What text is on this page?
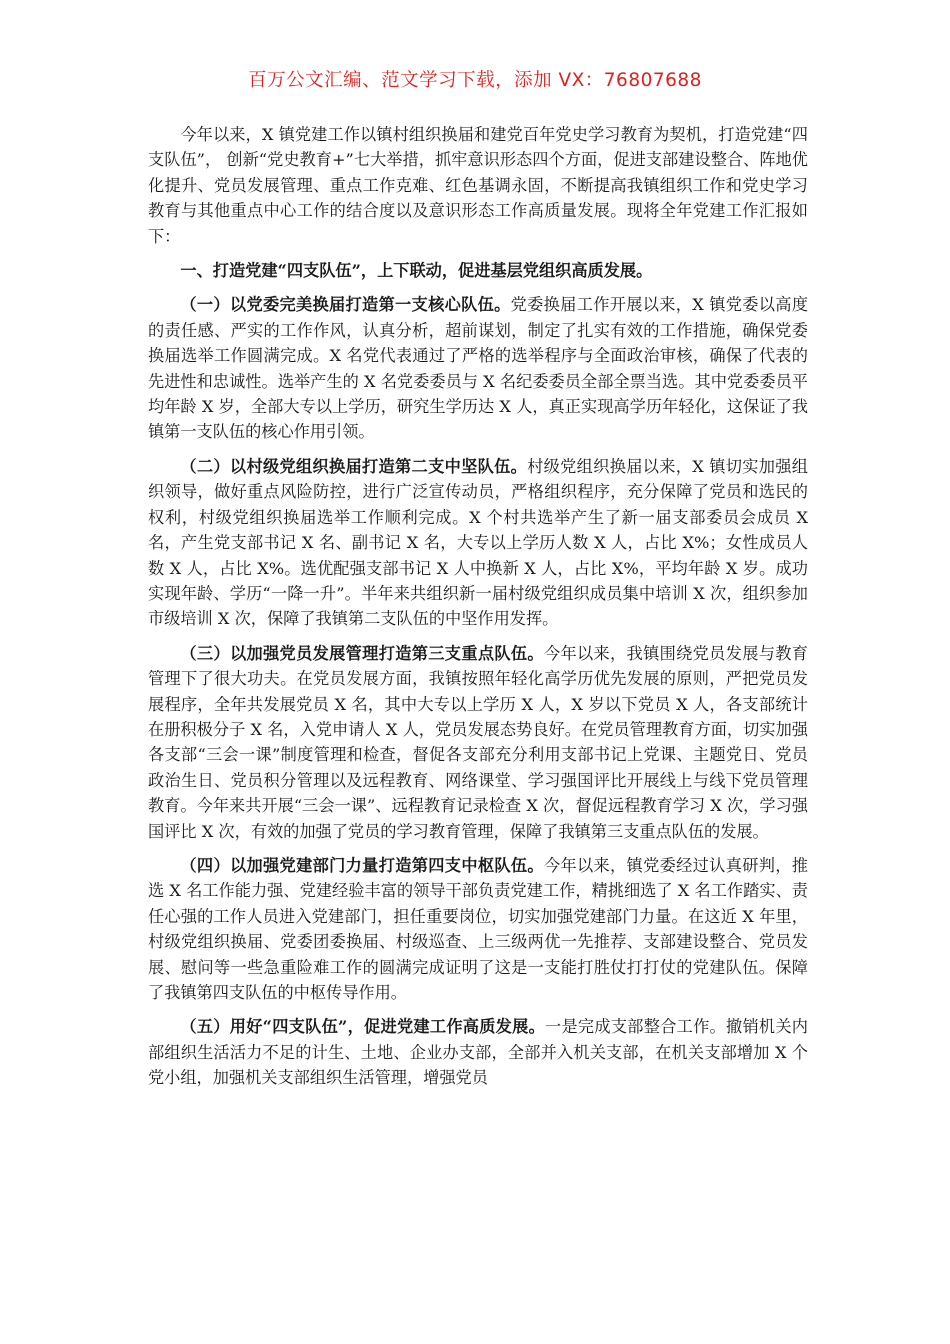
百万公文汇编、范文学习下载，添加 VX：76807688

今年以来，X 镇党建工作以镇村组织换届和建党百年党史学习教育为契机，打造党建“四支队伍”， 创新“党史教育+”七大举措，抓牢意识形态四个方面，促进支部建设整合、阵地优化提升、党员发展管理、重点工作克难、红色基调永固，不断提高我镇组织工作和党史学习教育与其他重点中心工作的结合度以及意识形态工作高质量发展。现将全年党建工作汇报如下：

一、打造党建“四支队伍”，上下联动，促进基层党组织高质发展。

（一）以党委完美换届打造第一支核心队伍。党委换届工作开展以来，X 镇党委以高度的责任感、严实的工作作风，认真分析，超前谋划，制定了扎实有效的工作措施，确保党委换届选举工作圆满完成。X 名党代表通过了严格的选举程序与全面政治审核，确保了代表的先进性和忠诚性。选举产生的 X 名党委委员与 X 名纪委委员全部全票当选。其中党委委员平均年龄 X 岁，全部大专以上学历，研究生学历达 X 人，真正实现高学历年轻化，这保证了我镇第一支队伍的核心作用引领。

（二）以村级党组织换届打造第二支中坚队伍。村级党组织换届以来，X 镇切实加强组织领导，做好重点风险防控，进行广泛宣传动员，严格组织程序，充分保障了党员和选民的权利，村级党组织换届选举工作顺利完成。X 个村共选举产生了新一届支部委员会成员 X 名，产生党支部书记 X 名、副书记 X 名，大专以上学历人数 X 人，占比 X%；女性成员人数 X 人，占比 X%。选优配强支部书记 X 人中换新 X 人，占比 X%，平均年龄 X 岁。成功实现年龄、学历“一降一升”。半年来共组织新一届村级党组织成员集中培训 X 次，组织参加市级培训 X 次，保障了我镇第二支队伍的中坚作用发挥。

（三）以加强党员发展管理打造第三支重点队伍。今年以来，我镇围绕党员发展与教育管理下了很大功夫。在党员发展方面，我镇按照年轻化高学历优先发展的原则，严把党员发展程序，全年共发展党员 X 名，其中大专以上学历 X 人，X 岁以下党员 X 人，各支部统计在册积极分子 X 名，入党申请人 X 人，党员发展态势良好。在党员管理教育方面，切实加强各支部“三会一课”制度管理和检查，督促各支部充分利用支部书记上党课、主题党日、党员政治生日、党员积分管理以及远程教育、网络课堂、学习强国评比开展线上与线下党员管理教育。今年来共开展“三会一课”、远程教育记录检查 X 次，督促远程教育学习 X 次，学习强国评比 X 次，有效的加强了党员的学习教育管理，保障了我镇第三支重点队伍的发展。

（四）以加强党建部门力量打造第四支中枢队伍。今年以来，镇党委经过认真研判，推选 X 名工作能力强、党建经验丰富的领导干部负责党建工作，精挑细选了 X 名工作踏实、责任心强的工作人员进入党建部门，担任重要岗位，切实加强党建部门力量。在这近 X 年里，村级党组织换届、党委团委换届、村级巡查、上三级两优一先推荐、支部建设整合、党员发展、慰问等一些急重险难工作的圆满完成证明了这是一支能打胜仗打打仗的党建队伍。保障了我镇第四支队伍的中枢传导作用。

（五）用好“四支队伍”，促进党建工作高质发展。一是完成支部整合工作。撤销机关内部组织生活活力不足的计生、土地、企业办支部，全部并入机关支部，在机关支部增加 X 个党小组，加强机关支部组织生活管理，增强党员
